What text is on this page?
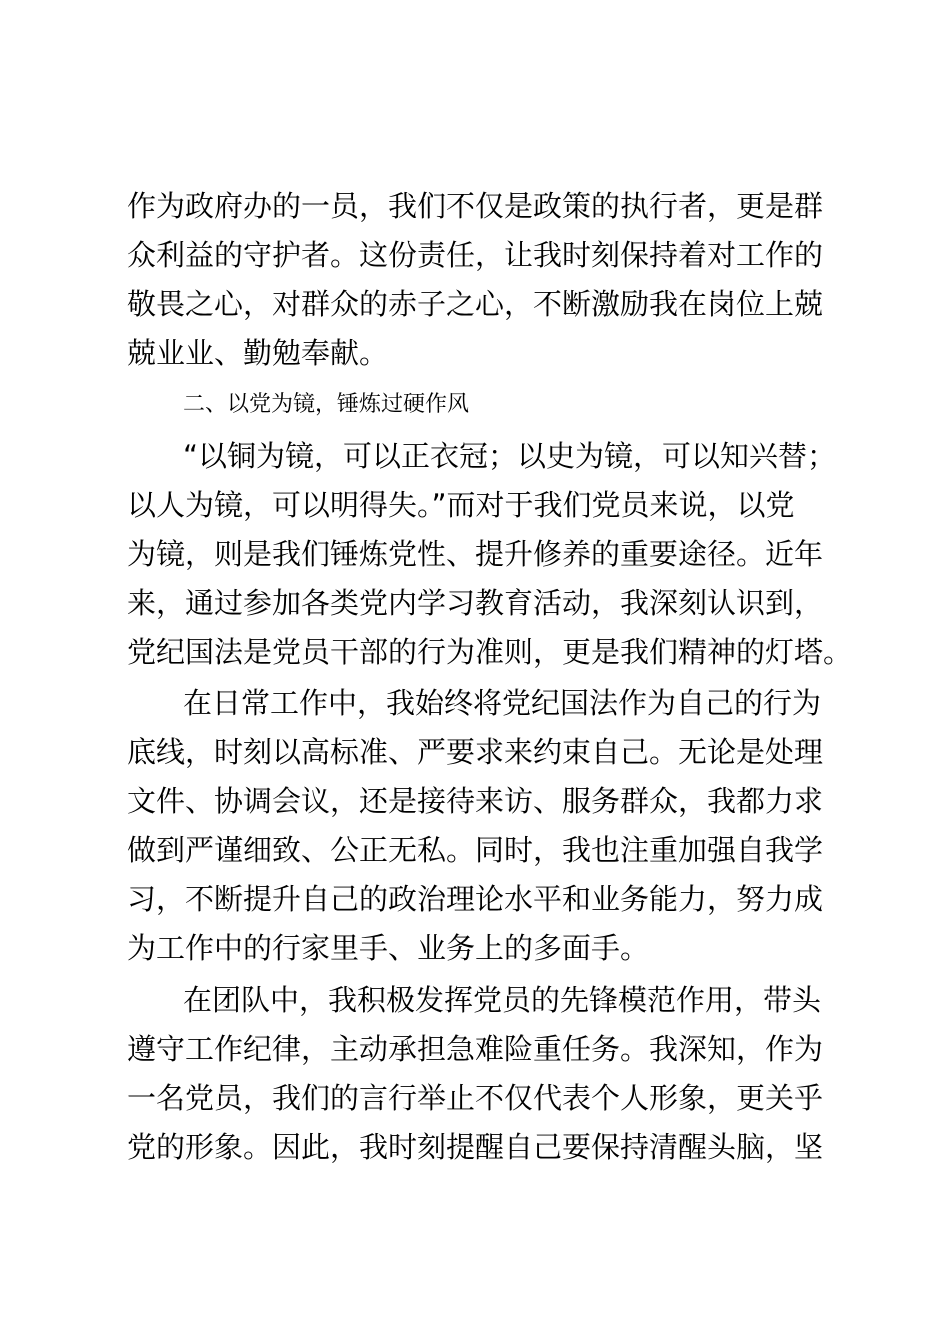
作为政府办的一员，我们不仅是政策的执行者，更是群
众利益的守护者。这份责任，让我时刻保持着对工作的
敬畏之心，对群众的赤子之心，不断激励我在岗位上兢
兢业业、勤勉奉献。
二、以党为镜，锤炼过硬作风
“以铜为镜，可以正衣冠；以史为镜，可以知兴替；
以人为镜，可以明得失。”而对于我们党员来说，以党
为镜，则是我们锤炼党性、提升修养的重要途径。近年
来，通过参加各类党内学习教育活动，我深刻认识到，
党纪国法是党员干部的行为准则，更是我们精神的灯塔。
在日常工作中，我始终将党纪国法作为自己的行为
底线，时刻以高标准、严要求来约束自己。无论是处理
文件、协调会议，还是接待来访、服务群众，我都力求
做到严谨细致、公正无私。同时，我也注重加强自我学
习，不断提升自己的政治理论水平和业务能力，努力成
为工作中的行家里手、业务上的多面手。
在团队中，我积极发挥党员的先锋模范作用，带头
遵守工作纪律，主动承担急难险重任务。我深知，作为
一名党员，我们的言行举止不仅代表个人形象，更关乎
党的形象。因此，我时刻提醒自己要保持清醒头脑，坚
